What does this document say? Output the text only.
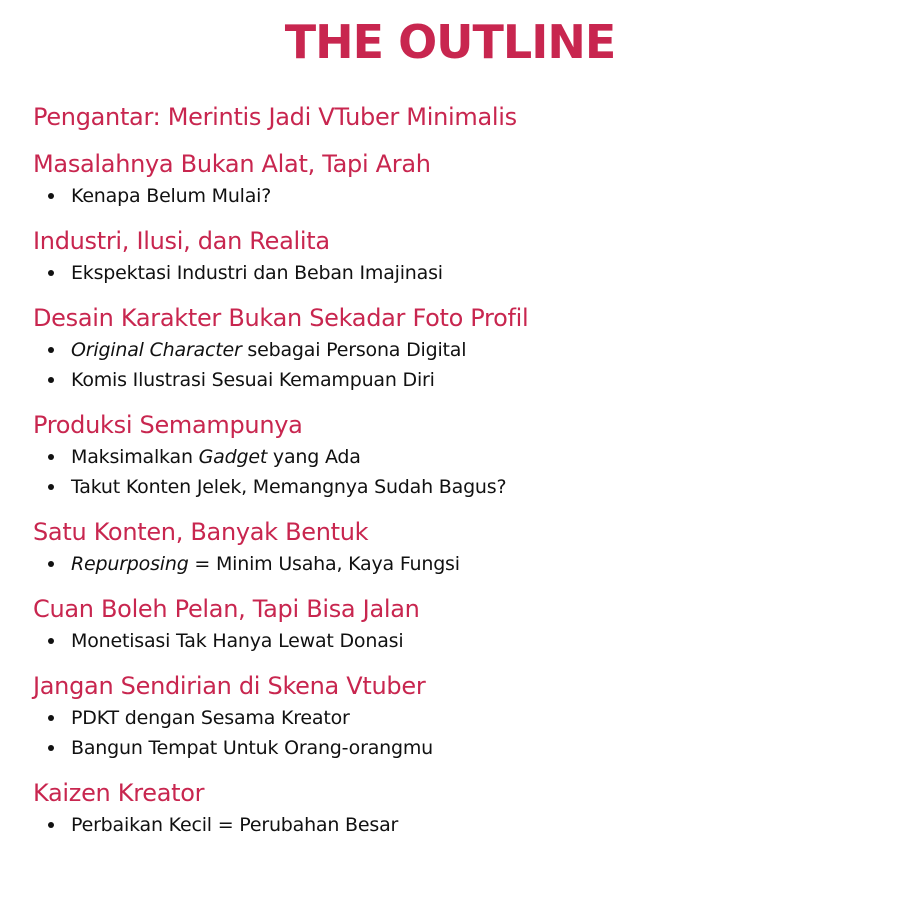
THE OUTLINE
Pengantar: Merintis Jadi VTuber Minimalis
Masalahnya Bukan Alat, Tapi Arah
Kenapa Belum Mulai?
Industri, Ilusi, dan Realita
Ekspektasi Industri dan Beban Imajinasi
Desain Karakter Bukan Sekadar Foto Profil
Original Character sebagai Persona Digital
Komis Ilustrasi Sesuai Kemampuan Diri
Produksi Semampunya
Maksimalkan Gadget yang Ada
Takut Konten Jelek, Memangnya Sudah Bagus?
Satu Konten, Banyak Bentuk
Repurposing = Minim Usaha, Kaya Fungsi
Cuan Boleh Pelan, Tapi Bisa Jalan
Monetisasi Tak Hanya Lewat Donasi
Jangan Sendirian di Skena Vtuber
PDKT dengan Sesama Kreator
Bangun Tempat Untuk Orang-orangmu
Kaizen Kreator
Perbaikan Kecil = Perubahan Besar
